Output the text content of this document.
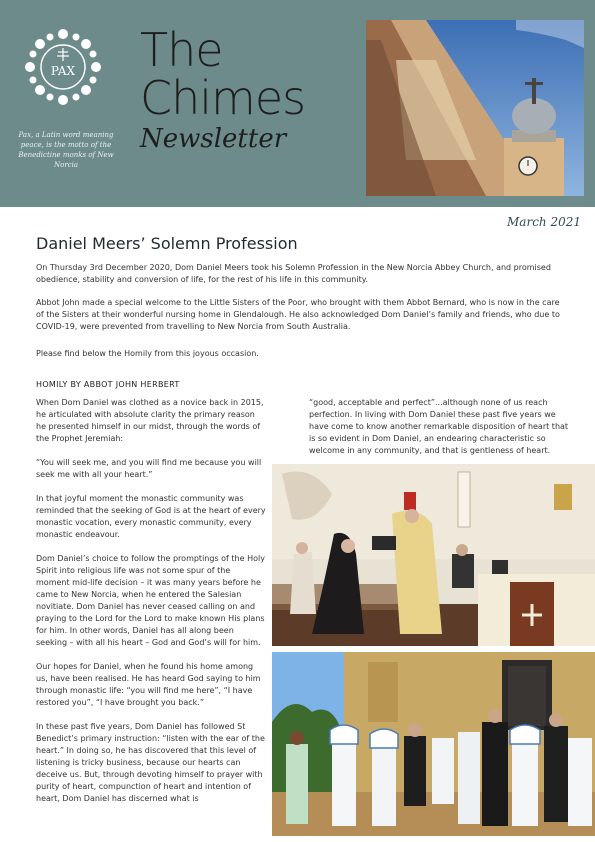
PAX
Pax, a Latin word meaning peace, is the motto of the Benedictine monks of New Norcia
The
Chimes
Newsletter
March 2021
Daniel Meers’ Solemn Profession
On Thursday 3rd December 2020, Dom Daniel Meers took his Solemn Profession in the New Norcia Abbey Church, and promised obedience, stability and conversion of life, for the rest of his life in this community.
Abbot John made a special welcome to the Little Sisters of the Poor, who brought with them Abbot Bernard, who is now in the care of the Sisters at their wonderful nursing home in Glendalough. He also acknowledged Dom Daniel’s family and friends, who due to COVID-19, were prevented from travelling to New Norcia from South Australia.
Please find below the Homily from this joyous occasion.
HOMILY BY ABBOT JOHN HERBERT

When Dom Daniel was clothed as a novice back in 2015, he articulated with absolute clarity the primary reason he presented himself in our midst, through the words of the Prophet Jeremiah:

“You will seek me, and you will find me because you will seek me with all your heart.”

In that joyful moment the monastic community was reminded that the seeking of God is at the heart of every monastic vocation, every monastic community, every monastic endeavour.

Dom Daniel’s choice to follow the promptings of the Holy Spirit into religious life was not some spur of the moment mid-life decision – it was many years before he came to New Norcia, when he entered the Salesian novitiate. Dom Daniel has never ceased calling on and praying to the Lord for the Lord to make known His plans for him. In other words, Daniel has all along been seeking – with all his heart – God and God’s will for him.

Our hopes for Daniel, when he found his home among us, have been realised. He has heard God saying to him through monastic life: “you will find me here”, “I have restored you”, “I have brought you back.”

In these past five years, Dom Daniel has followed St Benedict’s primary instruction: “listen with the ear of the heart.” In doing so, he has discovered that this level of listening is tricky business, because our hearts can deceive us. But, through devoting himself to prayer with purity of heart, compunction of heart and intention of heart, Dom Daniel has discerned what is

“good, acceptable and perfect”...although none of us reach perfection. In living with Dom Daniel these past five years we have come to know another remarkable disposition of heart that is so evident in Dom Daniel, an endearing characteristic so welcome in any community, and that is gentleness of heart.
